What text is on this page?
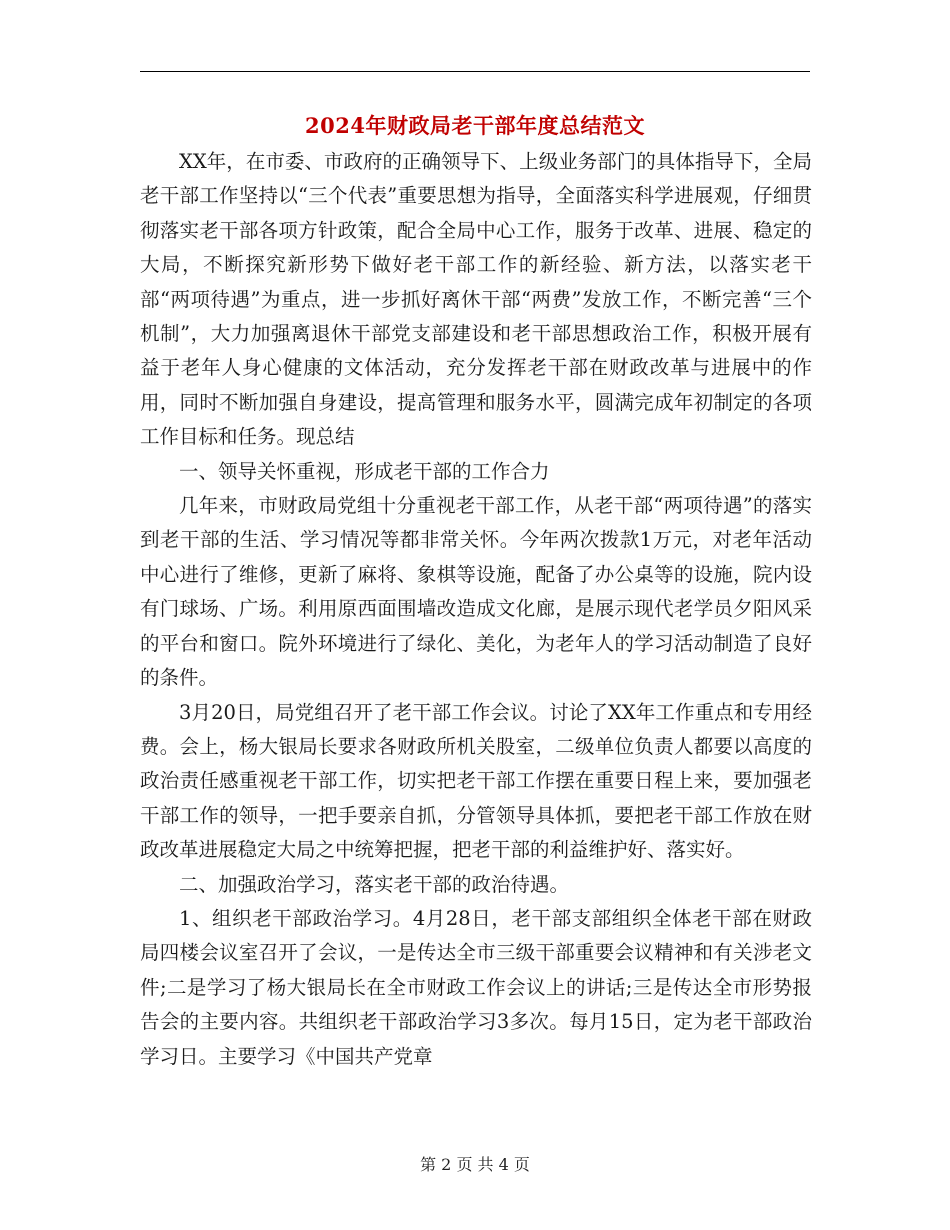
2024年财政局老干部年度总结范文

XX年，在市委、市政府的正确领导下、上级业务部门的具体指导下，全局老干部工作坚持以“三个代表”重要思想为指导，全面落实科学进展观，仔细贯彻落实老干部各项方针政策，配合全局中心工作，服务于改革、进展、稳定的大局，不断探究新形势下做好老干部工作的新经验、新方法，以落实老干部“两项待遇”为重点，进一步抓好离休干部“两费”发放工作，不断完善“三个机制”，大力加强离退休干部党支部建设和老干部思想政治工作，积极开展有益于老年人身心健康的文体活动，充分发挥老干部在财政改革与进展中的作用，同时不断加强自身建设，提高管理和服务水平，圆满完成年初制定的各项工作目标和任务。现总结

一、领导关怀重视，形成老干部的工作合力

几年来，市财政局党组十分重视老干部工作，从老干部“两项待遇”的落实到老干部的生活、学习情况等都非常关怀。今年两次拨款1万元，对老年活动中心进行了维修，更新了麻将、象棋等设施，配备了办公桌等的设施，院内设有门球场、广场。利用原西面围墙改造成文化廊，是展示现代老学员夕阳风采的平台和窗口。院外环境进行了绿化、美化，为老年人的学习活动制造了良好的条件。

3月20日，局党组召开了老干部工作会议。讨论了XX年工作重点和专用经费。会上，杨大银局长要求各财政所机关股室，二级单位负责人都要以高度的政治责任感重视老干部工作，切实把老干部工作摆在重要日程上来，要加强老干部工作的领导，一把手要亲自抓，分管领导具体抓，要把老干部工作放在财政改革进展稳定大局之中统筹把握，把老干部的利益维护好、落实好。

二、加强政治学习，落实老干部的政治待遇。

1、组织老干部政治学习。4月28日，老干部支部组织全体老干部在财政局四楼会议室召开了会议，一是传达全市三级干部重要会议精神和有关涉老文件;二是学习了杨大银局长在全市财政工作会议上的讲话;三是传达全市形势报告会的主要内容。共组织老干部政治学习3多次。每月15日，定为老干部政治学习日。主要学习《中国共产党章

第 2 页 共 4 页
